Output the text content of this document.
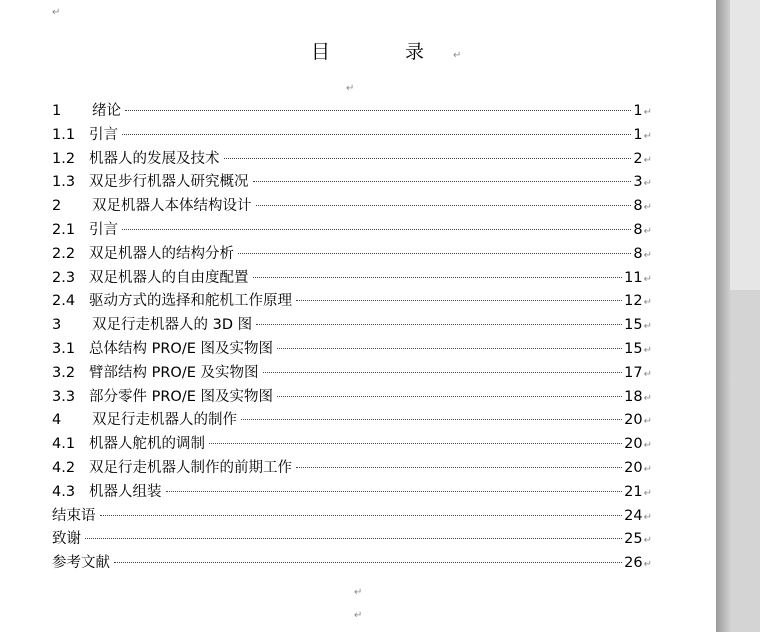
↵
目　录↵
↵
1	绪论	1 ↵
1.1 引言	1 ↵
1.2 机器人的发展及技术	2 ↵
1.3 双足步行机器人研究概况	3 ↵
2	双足机器人本体结构设计	8 ↵
2.1 引言	8 ↵
2.2 双足机器人的结构分析	8 ↵
2.3 双足机器人的自由度配置	11 ↵
2.4 驱动方式的选择和舵机工作原理	12 ↵
3	双足行走机器人的 3D 图	15 ↵
3.1 总体结构 PRO/E 图及实物图	15 ↵
3.2 臂部结构 PRO/E 及实物图	17 ↵
3.3 部分零件 PRO/E 图及实物图	18 ↵
4	双足行走机器人的制作	20 ↵
4.1 机器人舵机的调制	20 ↵
4.2 双足行走机器人制作的前期工作	20 ↵
4.3 机器人组装	21 ↵
结束语	24 ↵
致谢	25 ↵
参考文献	26 ↵
↵
↵
